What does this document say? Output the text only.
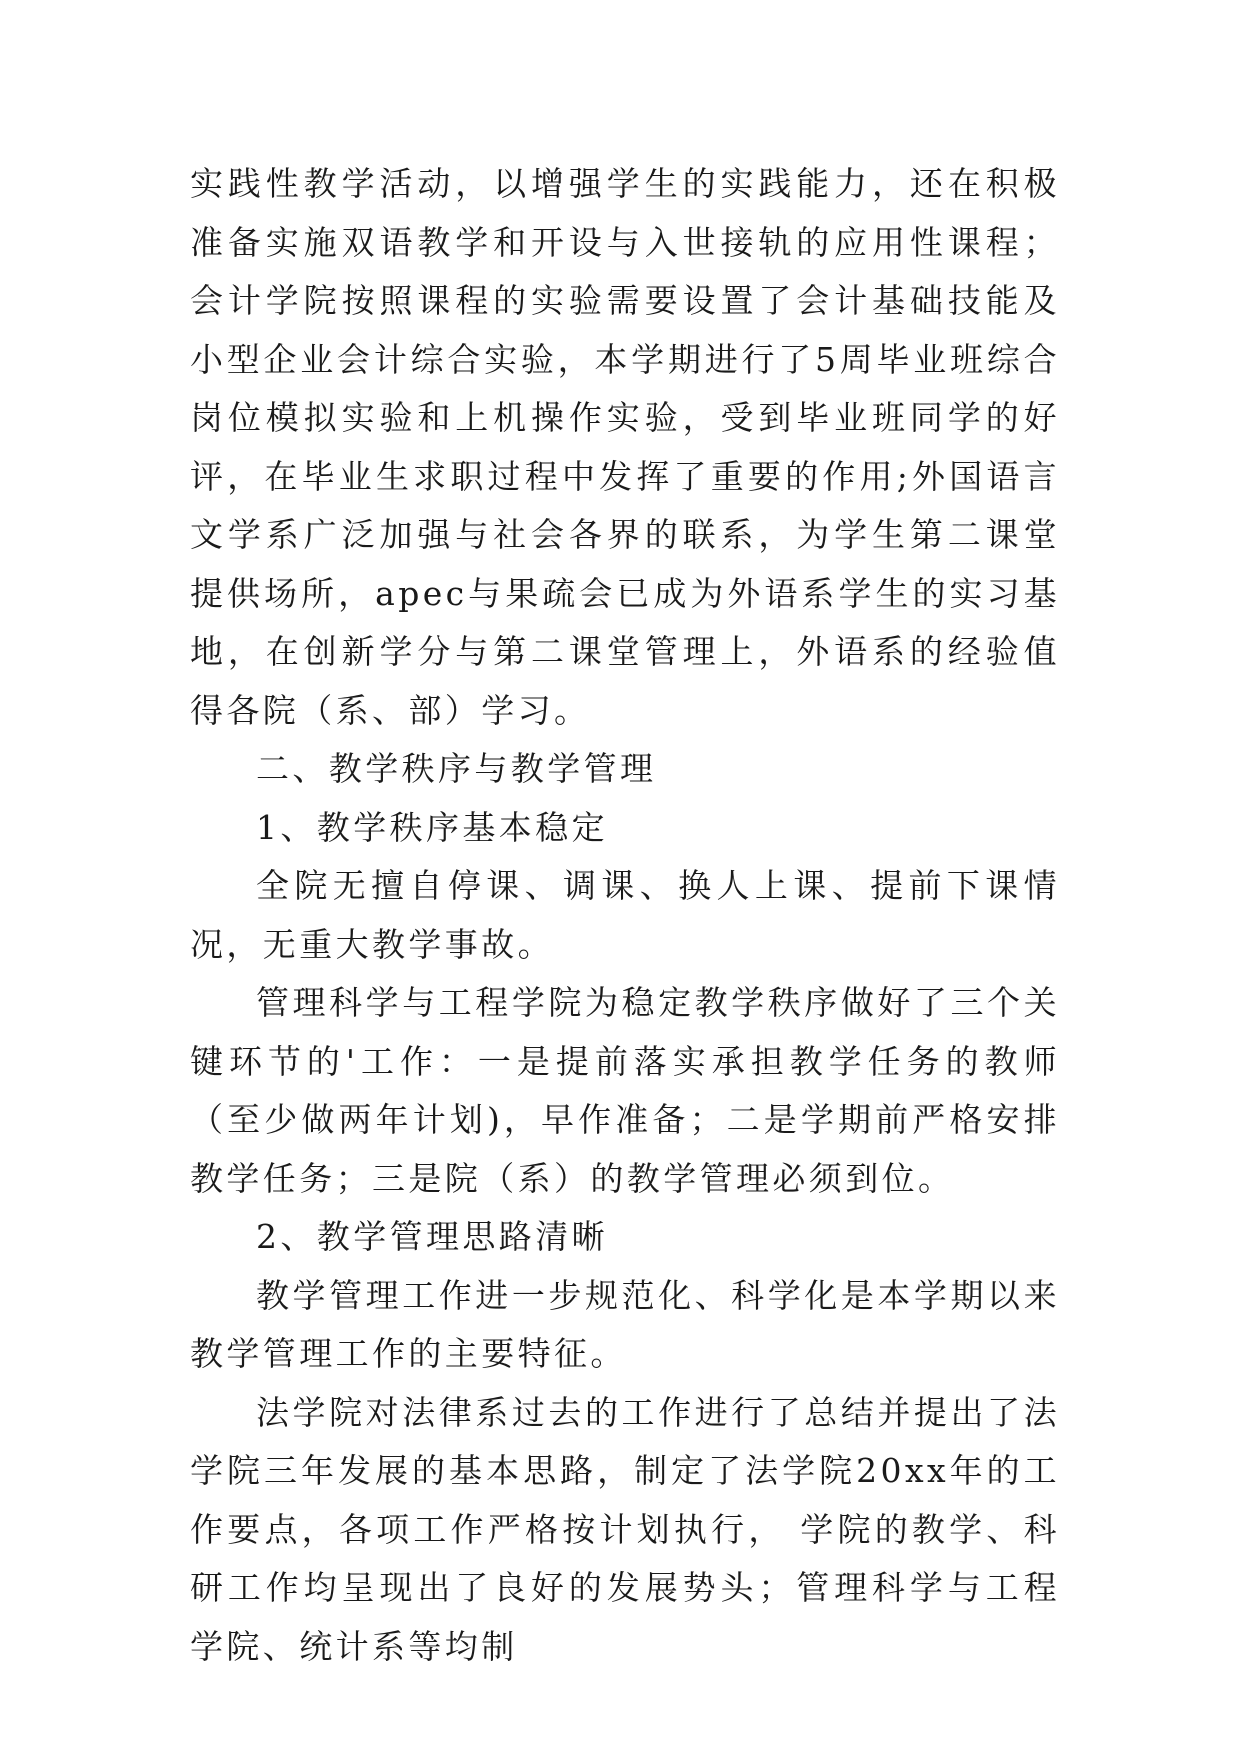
实践性教学活动，以增强学生的实践能力，还在积极准备实施双语教学和开设与入世接轨的应用性课程；会计学院按照课程的实验需要设置了会计基础技能及小型企业会计综合实验，本学期进行了5周毕业班综合岗位模拟实验和上机操作实验，受到毕业班同学的好评，在毕业生求职过程中发挥了重要的作用;外国语言文学系广泛加强与社会各界的联系，为学生第二课堂提供场所，apec与果疏会已成为外语系学生的实习基地，在创新学分与第二课堂管理上，外语系的经验值得各院（系、部）学习。

二、教学秩序与教学管理

1、教学秩序基本稳定

全院无擅自停课、调课、换人上课、提前下课情况，无重大教学事故。

管理科学与工程学院为稳定教学秩序做好了三个关键环节的'工作：一是提前落实承担教学任务的教师（至少做两年计划)，早作准备；二是学期前严格安排教学任务；三是院（系）的教学管理必须到位。

2、教学管理思路清晰

教学管理工作进一步规范化、科学化是本学期以来教学管理工作的主要特征。

法学院对法律系过去的工作进行了总结并提出了法学院三年发展的基本思路，制定了法学院20xx年的工作要点，各项工作严格按计划执行， 学院的教学、科研工作均呈现出了良好的发展势头；管理科学与工程学院、统计系等均制
